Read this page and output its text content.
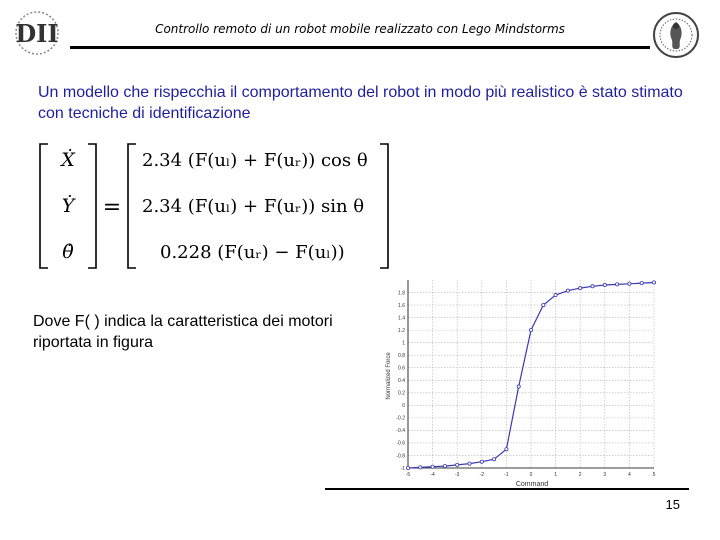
Controllo remoto di un robot mobile realizzato con Lego Mindstorms
DII
Un modello che rispecchia il comportamento del robot in modo più realistico è stato stimato con tecniche di identificazione
Ẋ
Ẏ
θ̇
=
2.34 (F(uₗ) + F(uᵣ)) cos θ
2.34 (F(uₗ) + F(uᵣ)) sin θ
0.228 (F(uᵣ) − F(uₗ))
Dove F( ) indica la caratteristica dei motori riportata in figura
-5	-4	-3	-2	-1	0	1	2	3	4	5
-1
-0.8
-0.6
-0.4
-0.2
0
0.2
0.4
0.6
0.8
1
1.2
1.4
1.6
1.8
Command
Normalized Force
15
